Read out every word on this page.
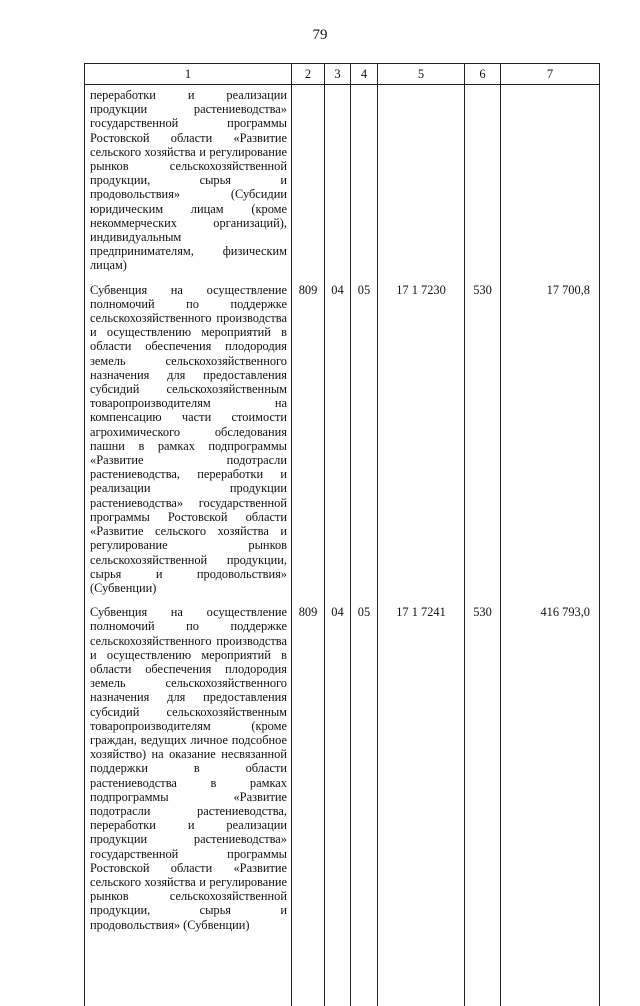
79
1	2	3	4	5	6	7

переработки и реализации продукции растениеводства» государственной программы Ростовской области «Развитие сельского хозяйства и регулирование рынков сельскохозяйственной продукции, сырья и продовольствия» (Субсидии юридическим лицам (кроме некоммерческих организаций), индивидуальным предпринимателям, физическим лицам)						

Субвенция на осуществление полномочий по поддержке сельскохозяйственного производства и осуществлению мероприятий в области обеспечения плодородия земель сельскохозяйственного назначения для предоставления субсидий сельскохозяйственным товаропроизводителям на компенсацию части стоимости агрохимического обследования пашни в рамках подпрограммы «Развитие подотрасли растениеводства, переработки и реализации продукции растениеводства» государственной программы Ростовской области «Развитие сельского хозяйства и регулирование рынков сельскохозяйственной продукции, сырья и продовольствия» (Субвенции)	809	04	05	17 1 7230	530	17 700,8

Субвенция на осуществление полномочий по поддержке сельскохозяйственного производства и осуществлению мероприятий в области обеспечения плодородия земель сельскохозяйственного назначения для предоставления субсидий сельскохозяйственным товаропроизводителям (кроме граждан, ведущих личное подсобное хозяйство) на оказание несвязанной поддержки в области растениеводства в рамках подпрограммы «Развитие подотрасли растениеводства, переработки и реализации продукции растениеводства» государственной программы Ростовской области «Развитие сельского хозяйства и регулирование рынков сельскохозяйственной продукции, сырья и продовольствия» (Субвенции)	809	04	05	17 1 7241	530	416 793,0
